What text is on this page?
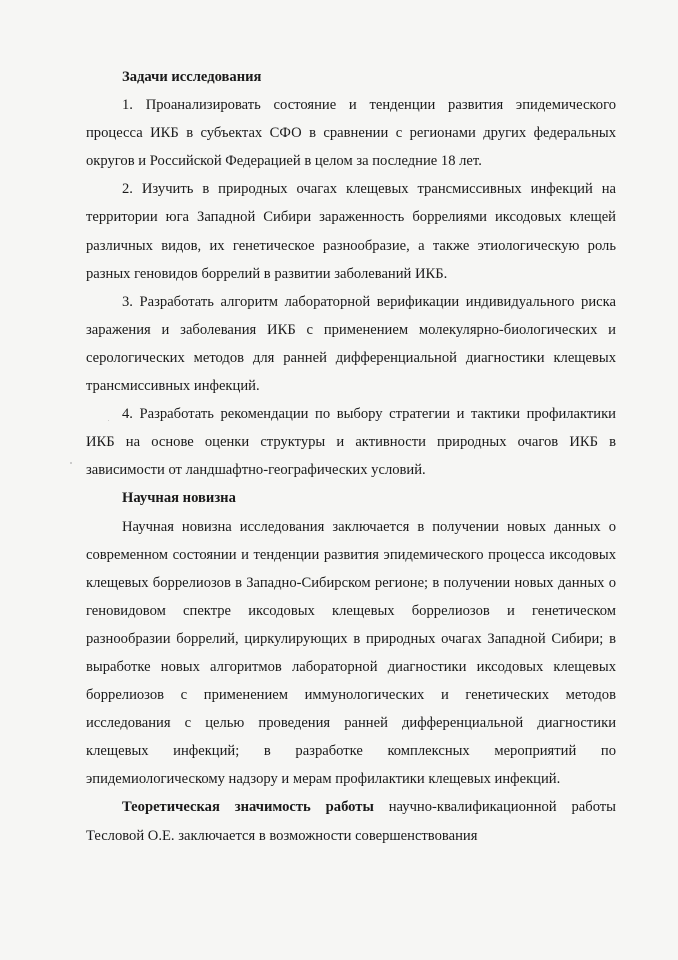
Задачи исследования

1. Проанализировать состояние и тенденции развития эпидемического процесса ИКБ в субъектах СФО в сравнении с регионами других федеральных округов и Российской Федерацией в целом за последние 18 лет.

2. Изучить в природных очагах клещевых трансмиссивных инфекций на территории юга Западной Сибири зараженность боррелиями иксодовых клещей различных видов, их генетическое разнообразие, а также этиологическую роль разных геновидов боррелий в развитии заболеваний ИКБ.

3. Разработать алгоритм лабораторной верификации индивидуального риска заражения и заболевания ИКБ с применением молекулярно-биологических и серологических методов для ранней дифференциальной диагностики клещевых трансмиссивных инфекций.

4. Разработать рекомендации по выбору стратегии и тактики профилактики ИКБ на основе оценки структуры и активности природных очагов ИКБ в зависимости от ландшафтно-географических условий.

Научная новизна

Научная новизна исследования заключается в получении новых данных о современном состоянии и тенденции развития эпидемического процесса иксодовых клещевых боррелиозов в Западно-Сибирском регионе; в получении новых данных о геновидовом спектре иксодовых клещевых боррелиозов и генетическом разнообразии боррелий, циркулирующих в природных очагах Западной Сибири; в выработке новых алгоритмов лабораторной диагностики иксодовых клещевых боррелиозов с применением иммунологических и генетических методов исследования с целью проведения ранней дифференциальной диагностики клещевых инфекций; в разработке комплексных мероприятий по эпидемиологическому надзору и мерам профилактики клещевых инфекций.

Теоретическая значимость работы научно-квалификационной работы Тесловой О.Е. заключается в возможности совершенствования
